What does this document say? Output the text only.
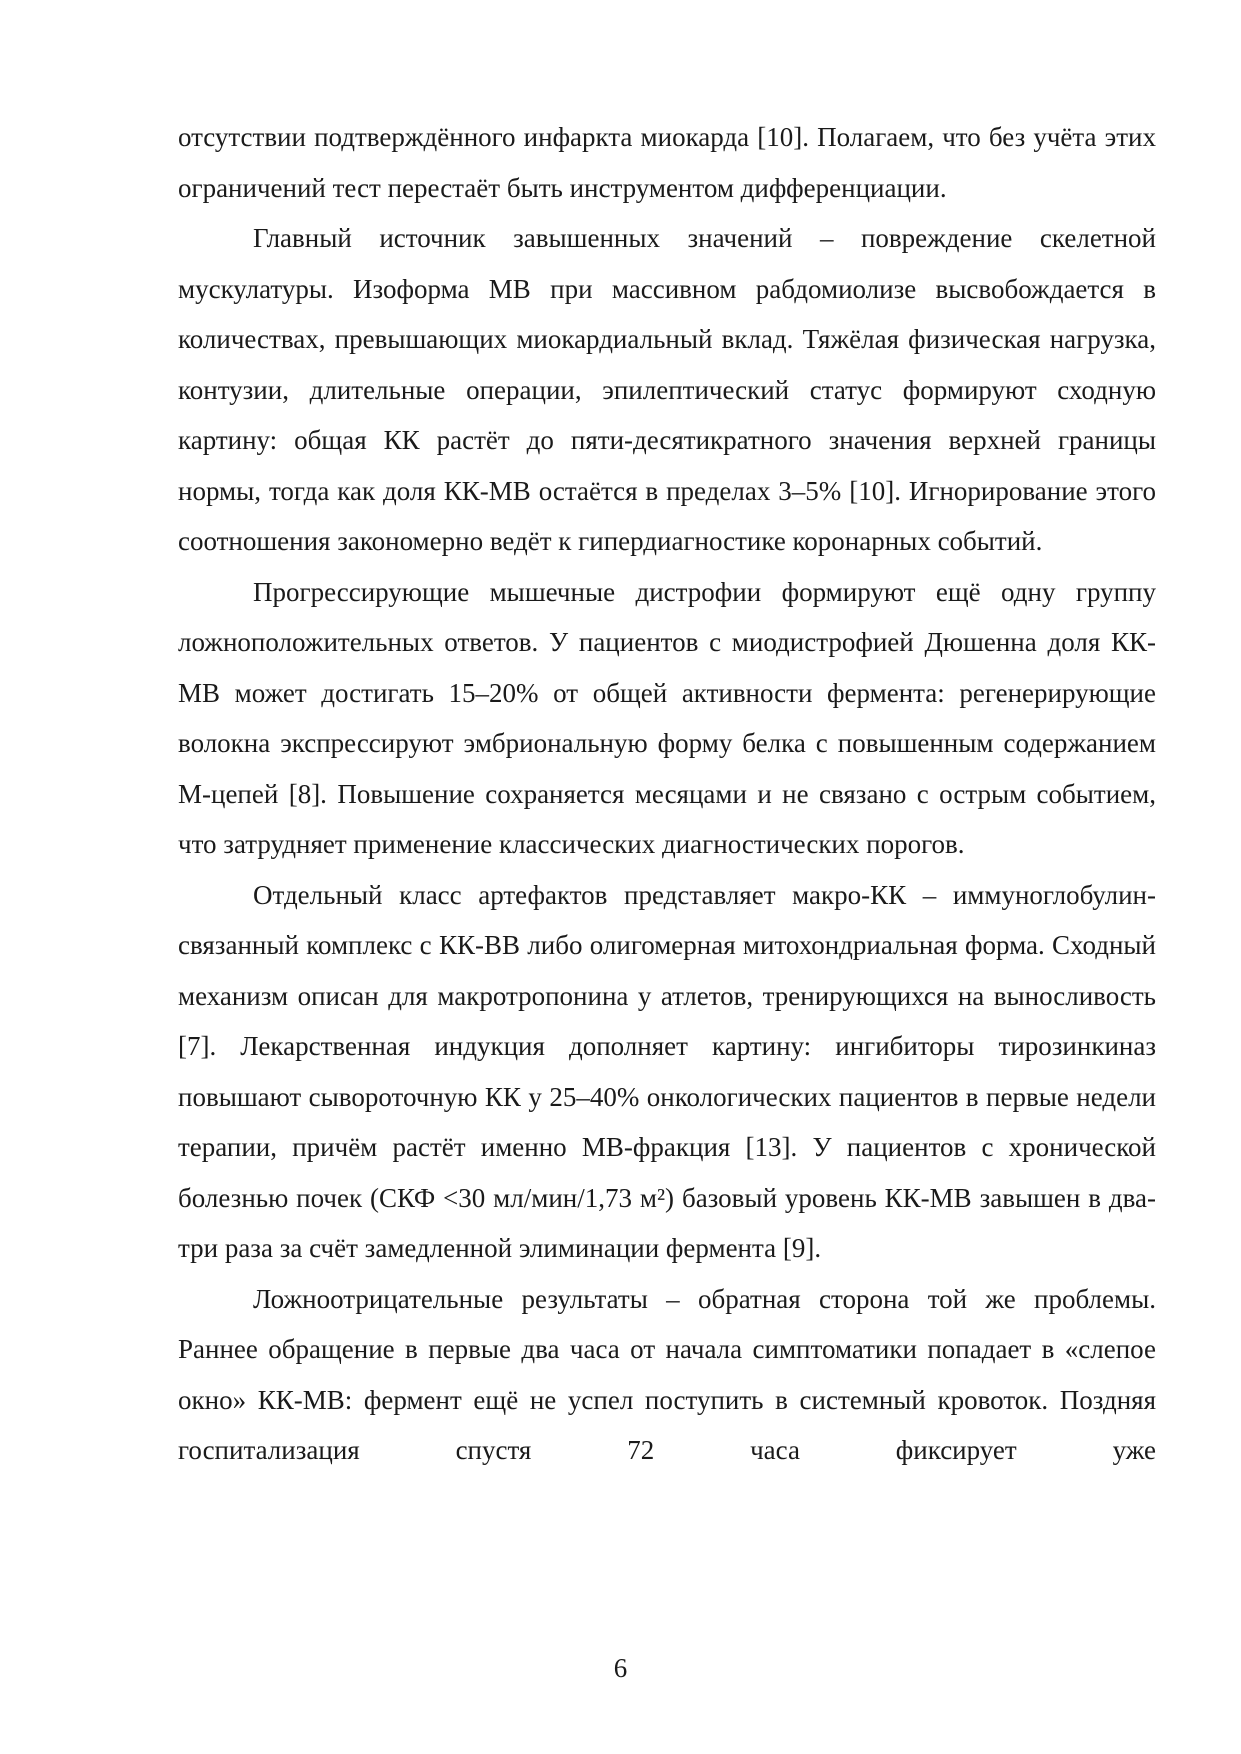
отсутствии подтверждённого инфаркта миокарда [10]. Полагаем, что без учёта этих ограничений тест перестаёт быть инструментом дифференциации.

Главный источник завышенных значений – повреждение скелетной мускулатуры. Изоформа MB при массивном рабдомиолизе высвобождается в количествах, превышающих миокардиальный вклад. Тяжёлая физическая нагрузка, контузии, длительные операции, эпилептический статус формируют сходную картину: общая КК растёт до пяти-десятикратного значения верхней границы нормы, тогда как доля КК-MB остаётся в пределах 3–5% [10]. Игнорирование этого соотношения закономерно ведёт к гипердиагностике коронарных событий.

Прогрессирующие мышечные дистрофии формируют ещё одну группу ложноположительных ответов. У пациентов с миодистрофией Дюшенна доля КК-MB может достигать 15–20% от общей активности фермента: регенерирующие волокна экспрессируют эмбриональную форму белка с повышенным содержанием М-цепей [8]. Повышение сохраняется месяцами и не связано с острым событием, что затрудняет применение классических диагностических порогов.

Отдельный класс артефактов представляет макро-КК – иммуноглобулин-связанный комплекс с КК-BB либо олигомерная митохондриальная форма. Сходный механизм описан для макротропонина у атлетов, тренирующихся на выносливость [7]. Лекарственная индукция дополняет картину: ингибиторы тирозинкиназ повышают сывороточную КК у 25–40% онкологических пациентов в первые недели терапии, причём растёт именно MB-фракция [13]. У пациентов с хронической болезнью почек (СКФ <30 мл/мин/1,73 м²) базовый уровень КК-MB завышен в два-три раза за счёт замедленной элиминации фермента [9].

Ложноотрицательные результаты – обратная сторона той же проблемы. Раннее обращение в первые два часа от начала симптоматики попадает в «слепое окно» КК-MB: фермент ещё не успел поступить в системный кровоток. Поздняя госпитализация спустя 72 часа фиксирует уже

6
